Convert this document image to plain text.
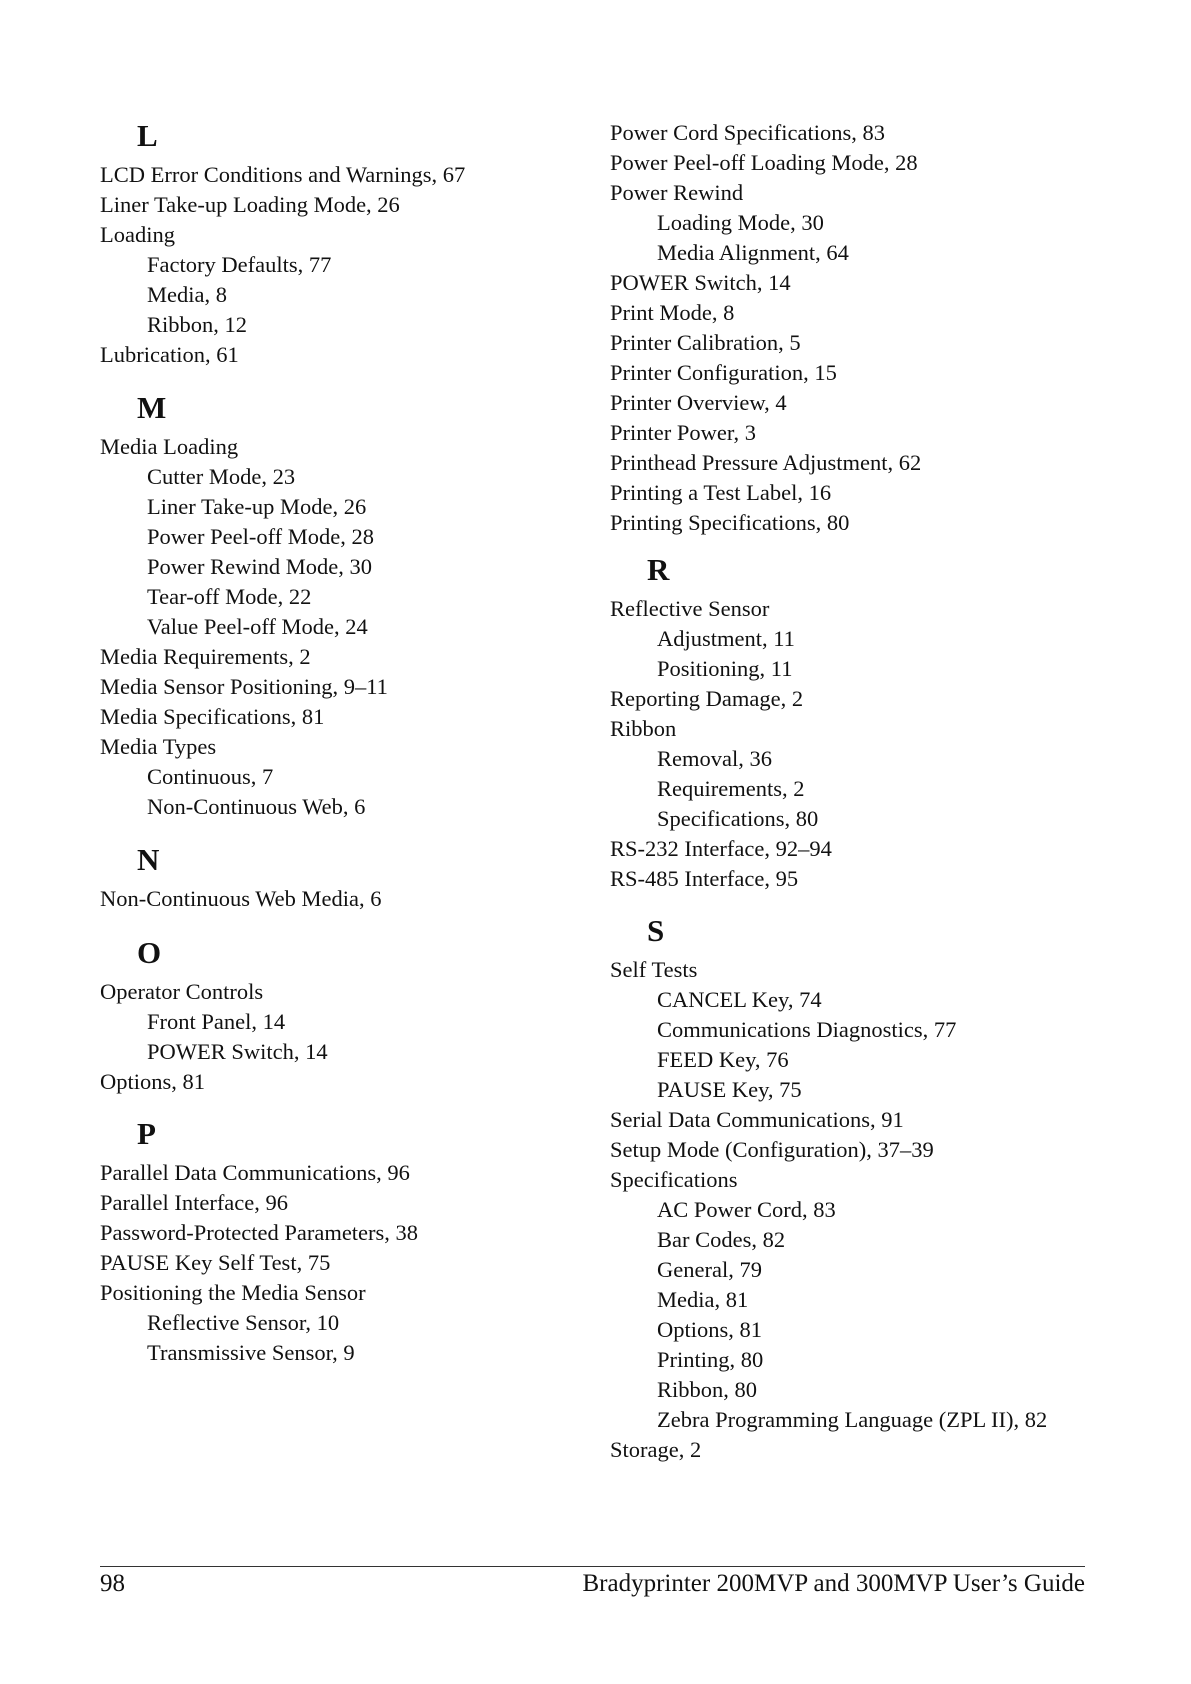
L
LCD Error Conditions and Warnings, 67
Liner Take-up Loading Mode, 26
Loading
Factory Defaults, 77
Media, 8
Ribbon, 12
Lubrication, 61
M
Media Loading
Cutter Mode, 23
Liner Take-up Mode, 26
Power Peel-off Mode, 28
Power Rewind Mode, 30
Tear-off Mode, 22
Value Peel-off Mode, 24
Media Requirements, 2
Media Sensor Positioning, 9–11
Media Specifications, 81
Media Types
Continuous, 7
Non-Continuous Web, 6
N
Non-Continuous Web Media, 6
O
Operator Controls
Front Panel, 14
POWER Switch, 14
Options, 81
P
Parallel Data Communications, 96
Parallel Interface, 96
Password-Protected Parameters, 38
PAUSE Key Self Test, 75
Positioning the Media Sensor
Reflective Sensor, 10
Transmissive Sensor, 9
Power Cord Specifications, 83
Power Peel-off Loading Mode, 28
Power Rewind
Loading Mode, 30
Media Alignment, 64
POWER Switch, 14
Print Mode, 8
Printer Calibration, 5
Printer Configuration, 15
Printer Overview, 4
Printer Power, 3
Printhead Pressure Adjustment, 62
Printing a Test Label, 16
Printing Specifications, 80
R
Reflective Sensor
Adjustment, 11
Positioning, 11
Reporting Damage, 2
Ribbon
Removal, 36
Requirements, 2
Specifications, 80
RS-232 Interface, 92–94
RS-485 Interface, 95
S
Self Tests
CANCEL Key, 74
Communications Diagnostics, 77
FEED Key, 76
PAUSE Key, 75
Serial Data Communications, 91
Setup Mode (Configuration), 37–39
Specifications
AC Power Cord, 83
Bar Codes, 82
General, 79
Media, 81
Options, 81
Printing, 80
Ribbon, 80
Zebra Programming Language (ZPL II), 82
Storage, 2
98	Bradyprinter 200MVP and 300MVP User’s Guide
